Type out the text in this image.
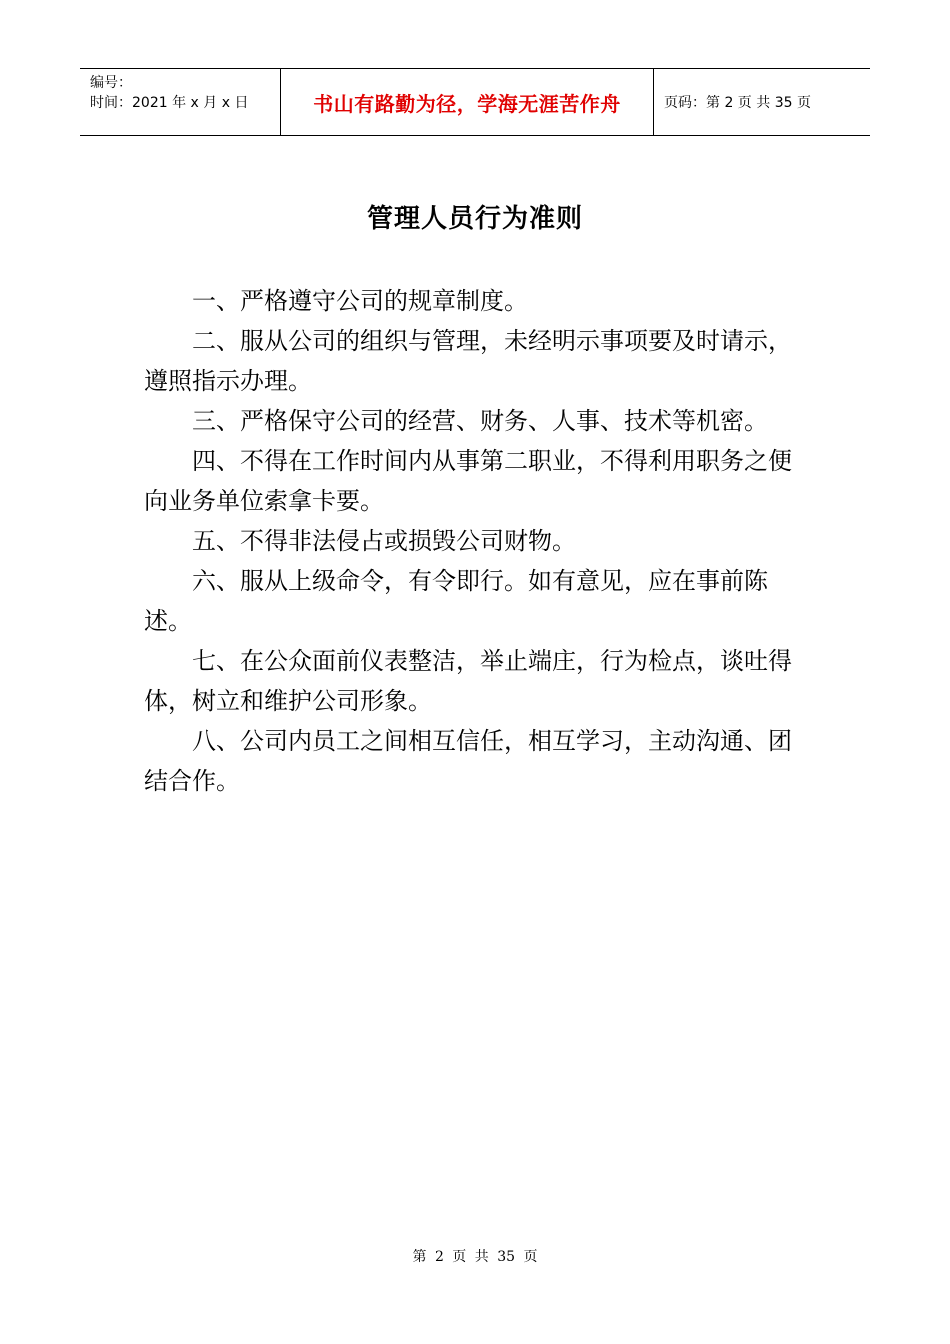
编号：
时间：2021 年 x 月 x 日	书山有路勤为径，学海无涯苦作舟	页码：第 2 页 共 35 页
管理人员行为准则

一、严格遵守公司的规章制度。

二、服从公司的组织与管理，未经明示事项要及时请示，遵照指示办理。

三、严格保守公司的经营、财务、人事、技术等机密。

四、不得在工作时间内从事第二职业，不得利用职务之便向业务单位索拿卡要。

五、不得非法侵占或损毁公司财物。

六、服从上级命令，有令即行。如有意见，应在事前陈述。

七、在公众面前仪表整洁，举止端庄，行为检点，谈吐得体，树立和维护公司形象。

八、公司内员工之间相互信任，相互学习，主动沟通、团结合作。

第 2 页 共 35 页
